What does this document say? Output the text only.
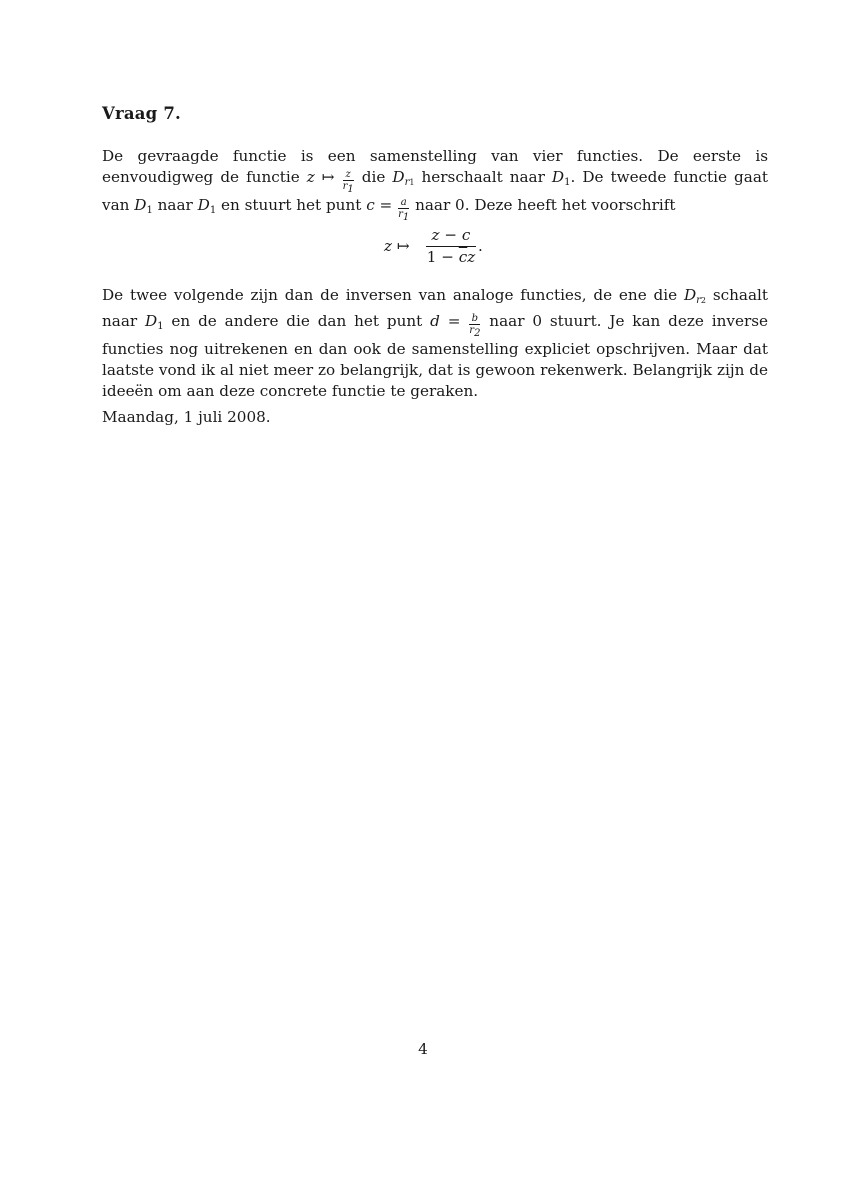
Vraag 7.
De gevraagde functie is een samenstelling van vier functies. De eerste is eenvoudigweg de functie z ↦ $\frac{z}{r1}$ die $D_{r1}$ herschaalt naar $D_1$. De tweede functie gaat van $D_1$ naar $D_1$ en stuurt het punt $c = \frac{a}{r1}$ naar 0. Deze heeft het voorschrift
z ↦ $\frac{z - c}{1 - \overline{c}z}$ .
De twee volgende zijn dan de inversen van analoge functies, de ene die $D_{r2}$ schaalt naar $D_1$ en de andere die dan het punt $d = \frac{b}{r2}$ naar 0 stuurt. Je kan deze inverse functies nog uitrekenen en dan ook de samenstelling expliciet opschrijven. Maar dat laatste vond ik al niet meer zo belangrijk, dat is gewoon rekenwerk. Belangrijk zijn de ideeën om aan deze concrete functie te geraken.
Maandag, 1 juli 2008.
4
